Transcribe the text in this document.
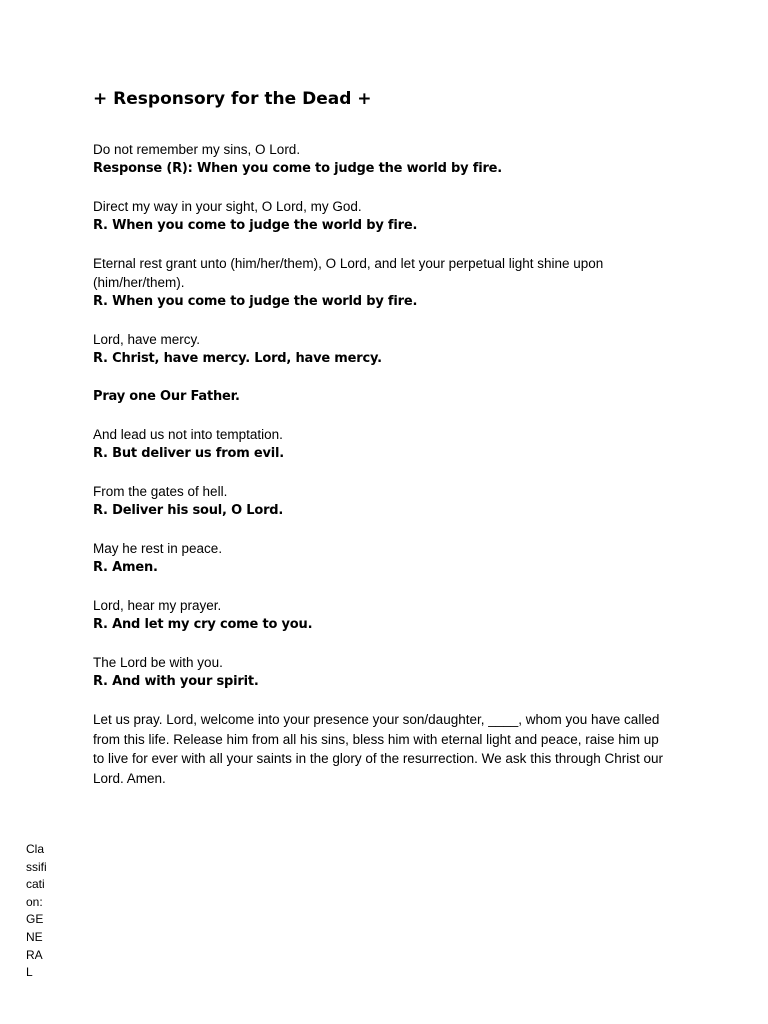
+ Responsory for the Dead +

Do not remember my sins, O Lord.

Response (R): When you come to judge the world by fire.

Direct my way in your sight, O Lord, my God.

R. When you come to judge the world by fire.

Eternal rest grant unto (him/her/them), O Lord, and let your perpetual light shine upon (him/her/them).

R. When you come to judge the world by fire.

Lord, have mercy.

R. Christ, have mercy. Lord, have mercy.

Pray one Our Father.

And lead us not into temptation.

R. But deliver us from evil.

From the gates of hell.

R. Deliver his soul, O Lord.

May he rest in peace.

R. Amen.

Lord, hear my prayer.

R. And let my cry come to you.

The Lord be with you.

R. And with your spirit.

Let us pray. Lord, welcome into your presence your son/daughter, ____, whom you have called from this life. Release him from all his sins, bless him with eternal light and peace, raise him up to live for ever with all your saints in the glory of the resurrection. We ask this through Christ our Lord. Amen.

Classification: GENERAL
